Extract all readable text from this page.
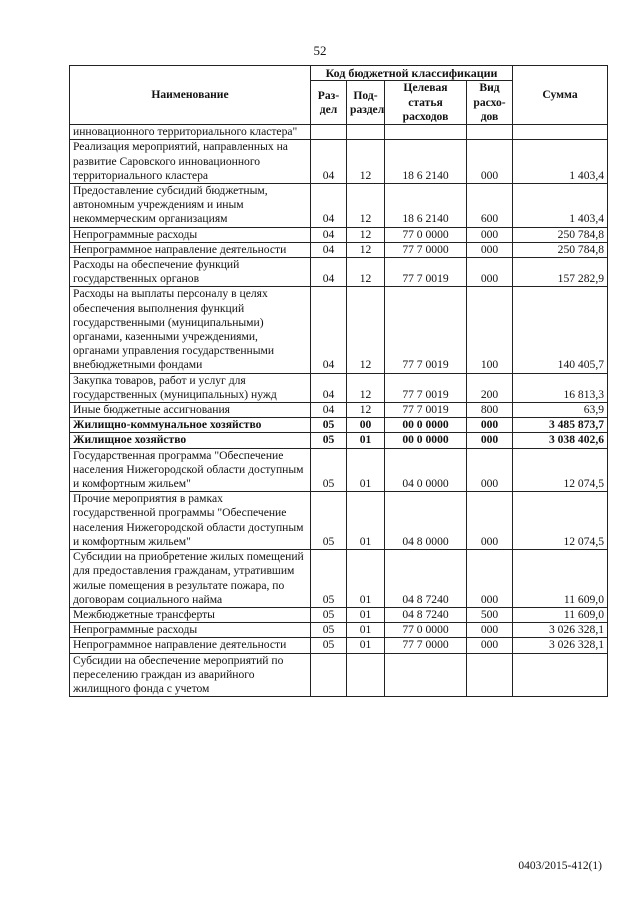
52
Наименование	Код бюджетной классификации				Сумма
	Раз-дел	Под-раздел	Целевая статья расходов	Вид расхо-дов	
инновационного территориального кластера"					
Реализация мероприятий, направленных на развитие Саровского инновационного территориального кластера	04	12	18 6 2140	000	1 403,4
Предоставление субсидий бюджетным, автономным учреждениям и иным некоммерческим организациям	04	12	18 6 2140	600	1 403,4
Непрограммные расходы	04	12	77 0 0000	000	250 784,8
Непрограммное направление деятельности	04	12	77 7 0000	000	250 784,8
Расходы на обеспечение функций государственных органов	04	12	77 7 0019	000	157 282,9
Расходы на выплаты персоналу в целях обеспечения выполнения функций государственными (муниципальными) органами, казенными учреждениями, органами управления государственными внебюджетными фондами	04	12	77 7 0019	100	140 405,7
Закупка товаров, работ и услуг для государственных (муниципальных) нужд	04	12	77 7 0019	200	16 813,3
Иные бюджетные ассигнования	04	12	77 7 0019	800	63,9
Жилищно-коммунальное хозяйство	05	00	00 0 0000	000	3 485 873,7
Жилищное хозяйство	05	01	00 0 0000	000	3 038 402,6
Государственная программа "Обеспечение населения Нижегородской области доступным и комфортным жильем"	05	01	04 0 0000	000	12 074,5
Прочие мероприятия в рамках государственной программы "Обеспечение населения Нижегородской области доступным и комфортным жильем"	05	01	04 8 0000	000	12 074,5
Субсидии на приобретение жилых помещений для предоставления гражданам, утратившим жилые помещения в результате пожара, по договорам социального найма	05	01	04 8 7240	000	11 609,0
Межбюджетные трансферты	05	01	04 8 7240	500	11 609,0
Непрограммные расходы	05	01	77 0 0000	000	3 026 328,1
Непрограммное направление деятельности	05	01	77 7 0000	000	3 026 328,1
Субсидии на обеспечение мероприятий по переселению граждан из аварийного жилищного фонда с учетом					
0403/2015-412(1)
